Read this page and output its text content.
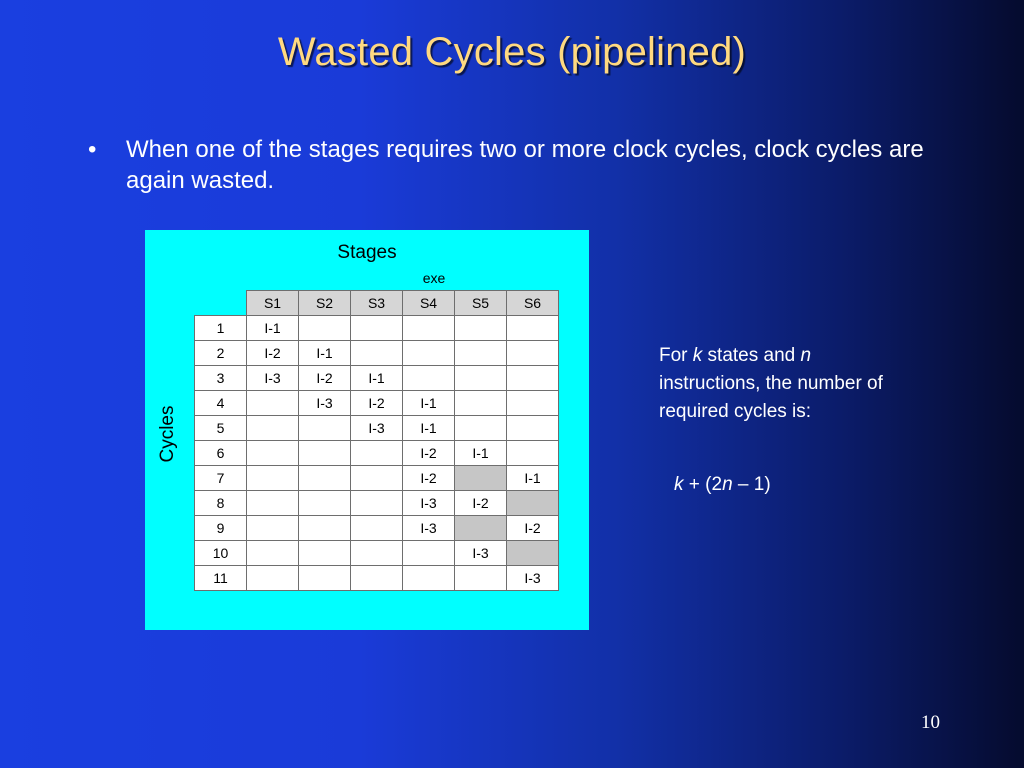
Wasted Cycles (pipelined)
• When one of the stages requires two or more clock cycles, clock cycles are again wasted.
Stages
exe
Cycles
	S1	S2	S3	S4	S5	S6
1	I-1					
2	I-2	I-1				
3	I-3	I-2	I-1			
4		I-3	I-2	I-1		
5			I-3	I-1		
6				I-2	I-1	
7				I-2		I-1
8				I-3	I-2	
9				I-3		I-2
10					I-3	
11						I-3
For k states and n instructions, the number of required cycles is:
k + (2n – 1)
10
